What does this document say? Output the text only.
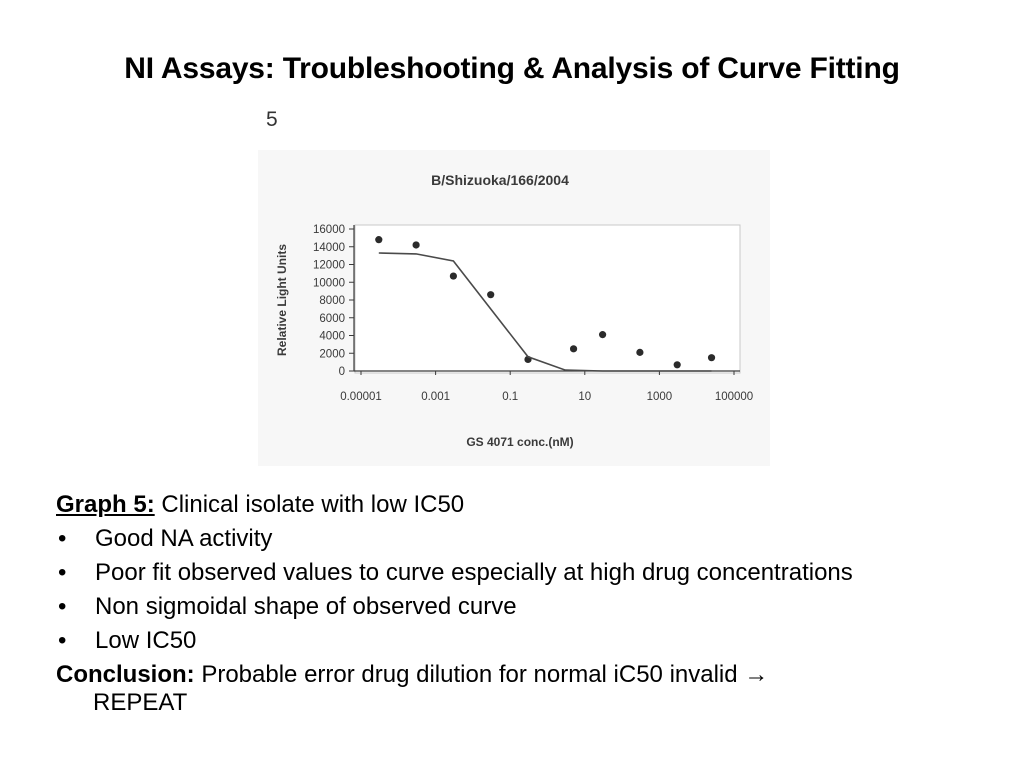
NI Assays: Troubleshooting & Analysis of Curve Fitting
5
B/Shizuoka/166/2004
0
2000
4000
6000
8000
10000
12000
14000
16000
0.00001	0.001	0.1	10	1000	100000
Relative Light Units
GS 4071 conc.(nM)
Graph 5: Clinical isolate with low IC50
•	Good NA activity
•	Poor fit observed values to curve especially at high drug concentrations
•	Non sigmoidal shape of observed curve
•	Low IC50
Conclusion: Probable error drug dilution for normal iC50 invalid →
REPEAT
